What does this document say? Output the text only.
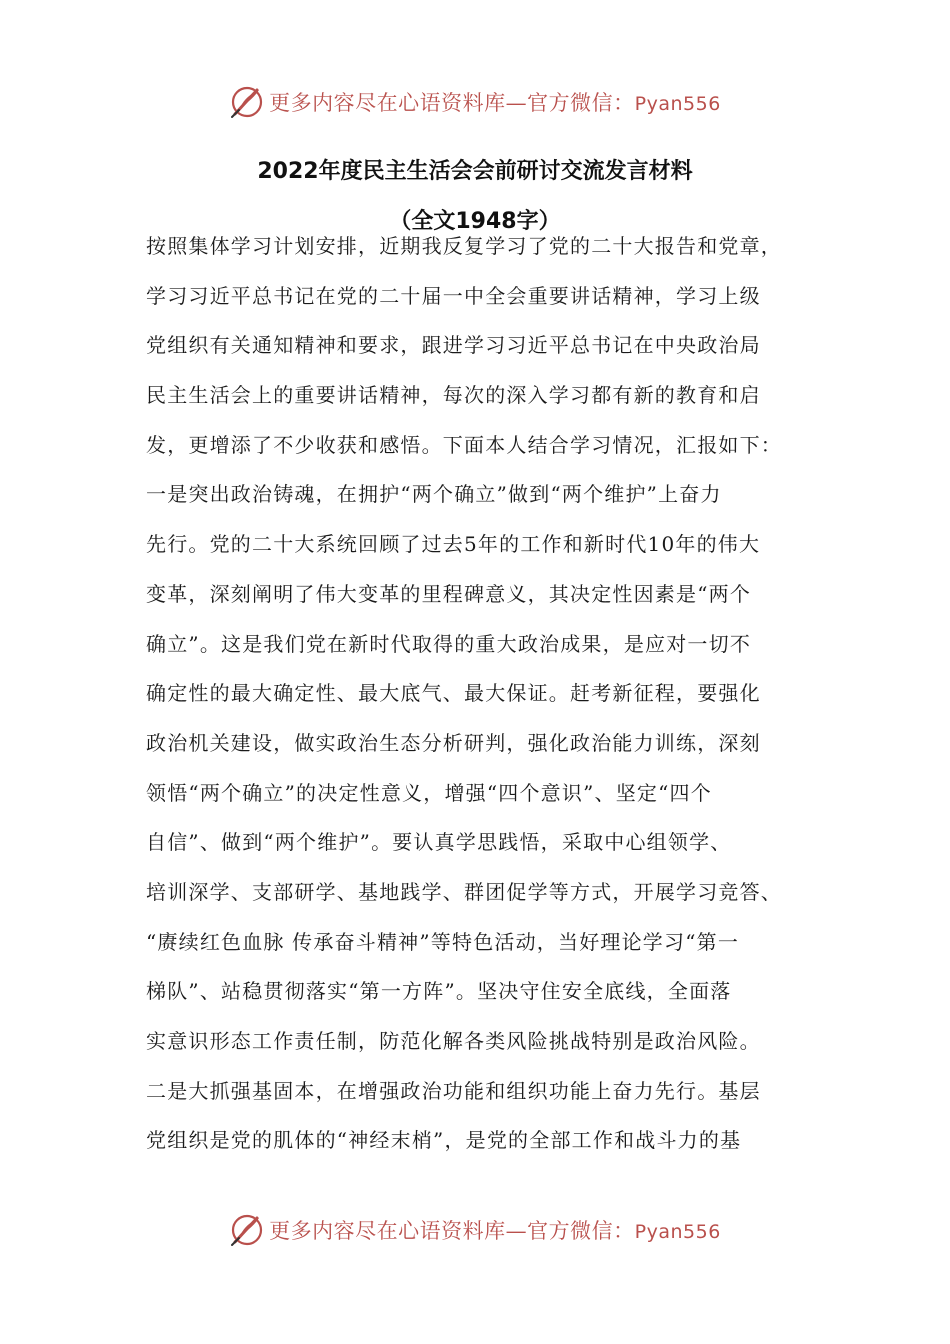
更多内容尽在心语资料库—官方微信：Pyan556
2022年度民主生活会会前研讨交流发言材料
（全文1948字）
按照集体学习计划安排，近期我反复学习了党的二十大报告和党章，
学习习近平总书记在党的二十届一中全会重要讲话精神，学习上级
党组织有关通知精神和要求，跟进学习习近平总书记在中央政治局
民主生活会上的重要讲话精神，每次的深入学习都有新的教育和启
发，更增添了不少收获和感悟。下面本人结合学习情况，汇报如下：
一是突出政治铸魂，在拥护“两个确立”做到“两个维护”上奋力
先行。党的二十大系统回顾了过去5年的工作和新时代10年的伟大
变革，深刻阐明了伟大变革的里程碑意义，其决定性因素是“两个
确立”。这是我们党在新时代取得的重大政治成果，是应对一切不
确定性的最大确定性、最大底气、最大保证。赶考新征程，要强化
政治机关建设，做实政治生态分析研判，强化政治能力训练，深刻
领悟“两个确立”的决定性意义，增强“四个意识”、坚定“四个
自信”、做到“两个维护”。要认真学思践悟，采取中心组领学、
培训深学、支部研学、基地践学、群团促学等方式，开展学习竞答、
“赓续红色血脉 传承奋斗精神”等特色活动，当好理论学习“第一
梯队”、站稳贯彻落实“第一方阵”。坚决守住安全底线，全面落
实意识形态工作责任制，防范化解各类风险挑战特别是政治风险。
二是大抓强基固本，在增强政治功能和组织功能上奋力先行。基层
党组织是党的肌体的“神经末梢”，是党的全部工作和战斗力的基
更多内容尽在心语资料库—官方微信：Pyan556
